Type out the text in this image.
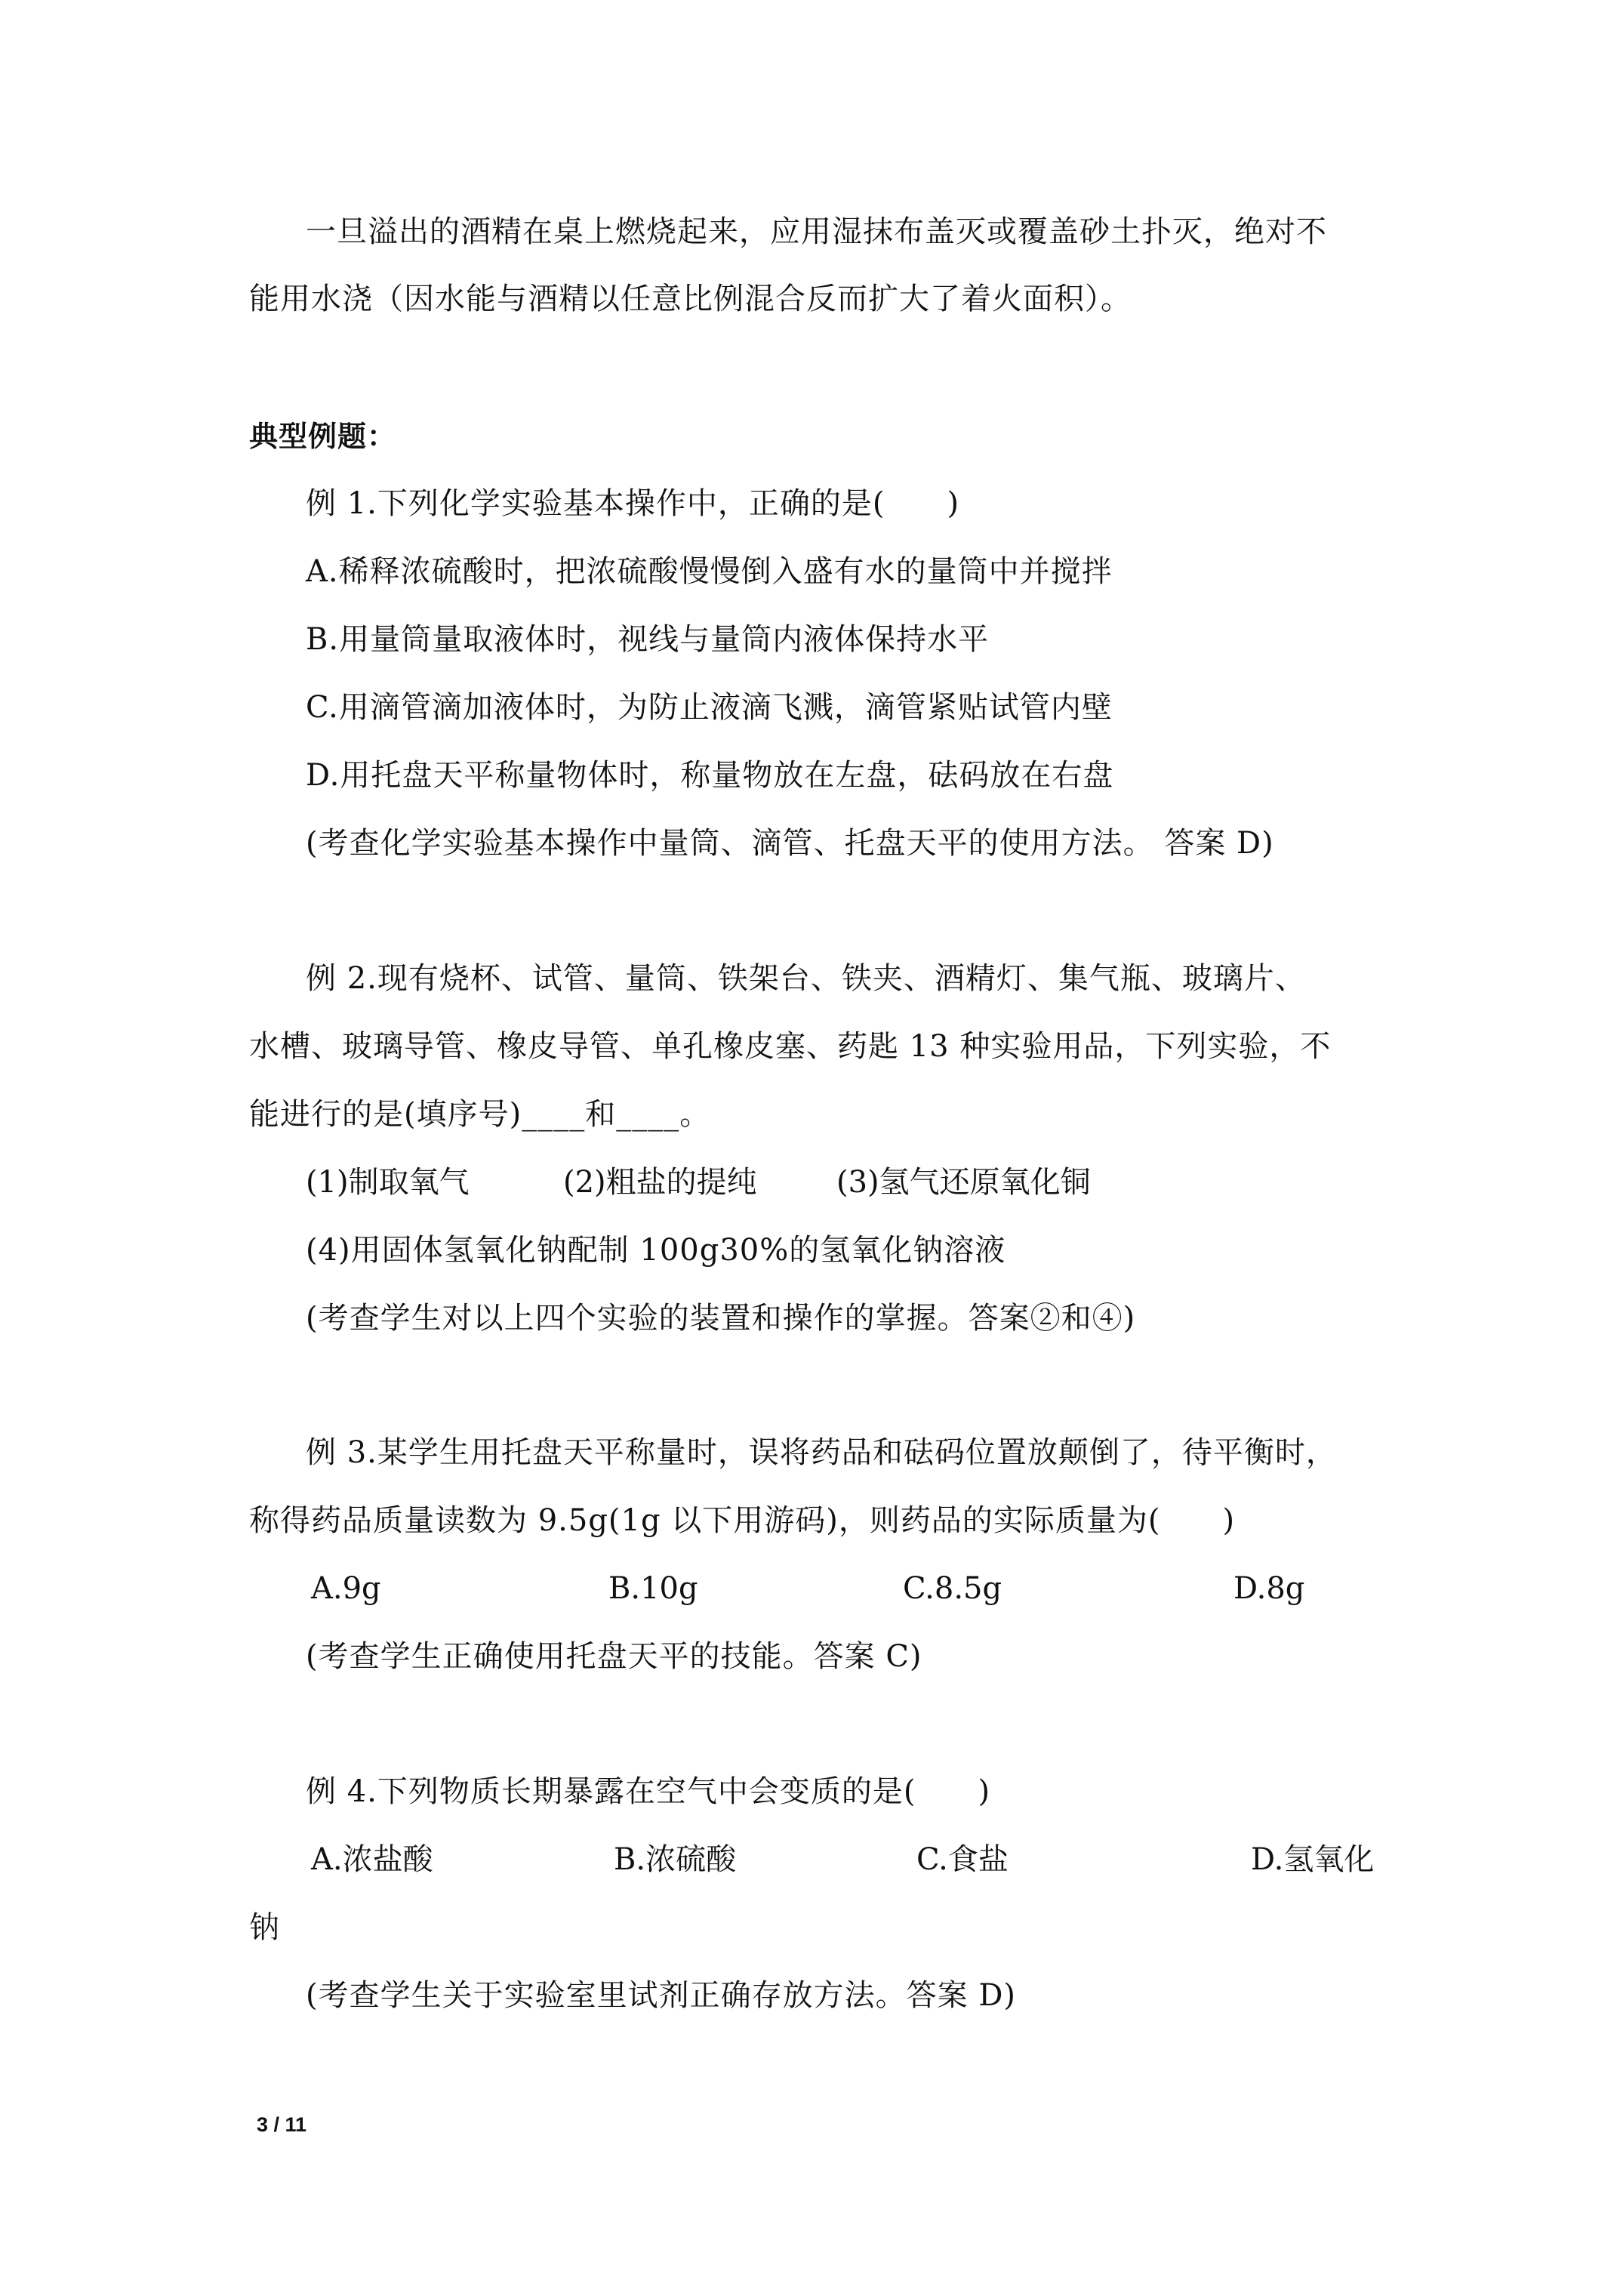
一旦溢出的酒精在桌上燃烧起来，应用湿抹布盖灭或覆盖砂土扑灭，绝对不
能用水浇（因水能与酒精以任意比例混合反而扩大了着火面积）。
典型例题：
例 1.下列化学实验基本操作中，正确的是(　　)
A.稀释浓硫酸时，把浓硫酸慢慢倒入盛有水的量筒中并搅拌
B.用量筒量取液体时，视线与量筒内液体保持水平
C.用滴管滴加液体时，为防止液滴飞溅，滴管紧贴试管内壁
D.用托盘天平称量物体时，称量物放在左盘，砝码放在右盘
(考查化学实验基本操作中量筒、滴管、托盘天平的使用方法。 答案 D)
例 2.现有烧杯、试管、量筒、铁架台、铁夹、酒精灯、集气瓶、玻璃片、
水槽、玻璃导管、橡皮导管、单孔橡皮塞、药匙 13 种实验用品，下列实验，不
能进行的是(填序号)____和____。
(1)制取氧气	(2)粗盐的提纯	(3)氢气还原氧化铜
(4)用固体氢氧化钠配制 100g30%的氢氧化钠溶液
(考查学生对以上四个实验的装置和操作的掌握。答案②和④)
例 3.某学生用托盘天平称量时，误将药品和砝码位置放颠倒了，待平衡时，
称得药品质量读数为 9.5g(1g 以下用游码)，则药品的实际质量为(　　)
A.9g	B.10g	C.8.5g	D.8g
(考查学生正确使用托盘天平的技能。答案 C)
例 4.下列物质长期暴露在空气中会变质的是(　　)
A.浓盐酸	B.浓硫酸	C.食盐	D.氢氧化
钠
(考查学生关于实验室里试剂正确存放方法。答案 D)
3 / 11
